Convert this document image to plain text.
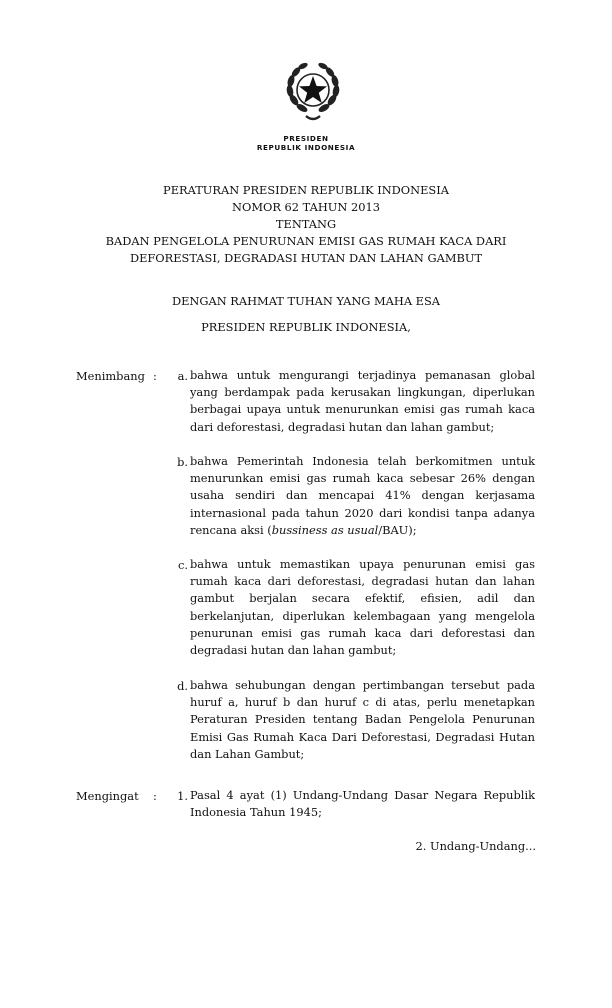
PRESIDEN
REPUBLIK INDONESIA
PERATURAN PRESIDEN REPUBLIK INDONESIA
NOMOR 62 TAHUN 2013
TENTANG
BADAN PENGELOLA PENURUNAN EMISI GAS RUMAH KACA DARI
DEFORESTASI, DEGRADASI HUTAN DAN LAHAN GAMBUT
DENGAN RAHMAT TUHAN YANG MAHA ESA
PRESIDEN REPUBLIK INDONESIA,
Menimbang :	a. bahwa untuk mengurangi terjadinya pemanasan global yang berdampak pada kerusakan lingkungan, diperlukan berbagai upaya untuk menurunkan emisi gas rumah kaca dari deforestasi, degradasi hutan dan lahan gambut;
b. bahwa Pemerintah Indonesia telah berkomitmen untuk menurunkan emisi gas rumah kaca sebesar 26% dengan usaha sendiri dan mencapai 41% dengan kerjasama internasional pada tahun 2020 dari kondisi tanpa adanya rencana aksi (bussiness as usual/BAU);
c. bahwa untuk memastikan upaya penurunan emisi gas rumah kaca dari deforestasi, degradasi hutan dan lahan gambut berjalan secara efektif, efisien, adil dan berkelanjutan, diperlukan kelembagaan yang mengelola penurunan emisi gas rumah kaca dari deforestasi dan degradasi hutan dan lahan gambut;
d. bahwa sehubungan dengan pertimbangan tersebut pada huruf a, huruf b dan huruf c di atas, perlu menetapkan Peraturan Presiden tentang Badan Pengelola Penurunan Emisi Gas Rumah Kaca Dari Deforestasi, Degradasi Hutan dan Lahan Gambut;
Mengingat	:	1. Pasal 4 ayat (1) Undang-Undang Dasar Negara Republik Indonesia Tahun 1945;
2. Undang-Undang...
